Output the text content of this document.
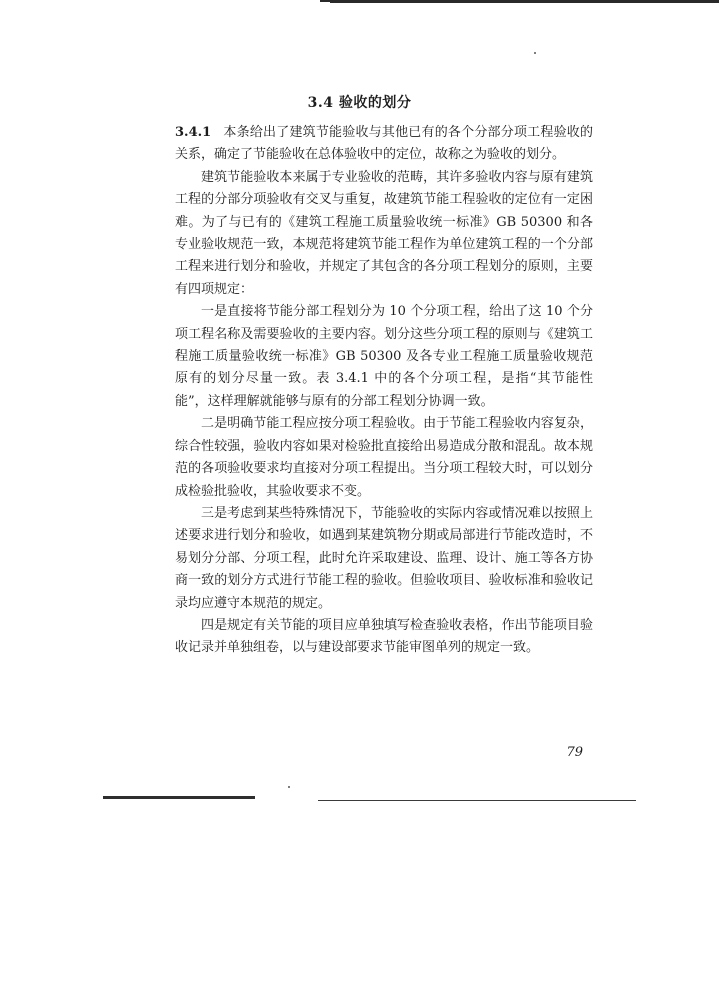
3.4 验收的划分

3.4.1 本条给出了建筑节能验收与其他已有的各个分部分项工程验收的关系，确定了节能验收在总体验收中的定位，故称之为验收的划分。

建筑节能验收本来属于专业验收的范畴，其许多验收内容与原有建筑工程的分部分项验收有交叉与重复，故建筑节能工程验收的定位有一定困难。为了与已有的《建筑工程施工质量验收统一标准》GB 50300 和各专业验收规范一致，本规范将建筑节能工程作为单位建筑工程的一个分部工程来进行划分和验收，并规定了其包含的各分项工程划分的原则，主要有四项规定：

一是直接将节能分部工程划分为 10 个分项工程，给出了这 10 个分项工程名称及需要验收的主要内容。划分这些分项工程的原则与《建筑工程施工质量验收统一标准》GB 50300 及各专业工程施工质量验收规范原有的划分尽量一致。表 3.4.1 中的各个分项工程，是指“其节能性能”，这样理解就能够与原有的分部工程划分协调一致。

二是明确节能工程应按分项工程验收。由于节能工程验收内容复杂，综合性较强，验收内容如果对检验批直接给出易造成分散和混乱。故本规范的各项验收要求均直接对分项工程提出。当分项工程较大时，可以划分成检验批验收，其验收要求不变。

三是考虑到某些特殊情况下，节能验收的实际内容或情况难以按照上述要求进行划分和验收，如遇到某建筑物分期或局部进行节能改造时，不易划分分部、分项工程，此时允许采取建设、监理、设计、施工等各方协商一致的划分方式进行节能工程的验收。但验收项目、验收标准和验收记录均应遵守本规范的规定。

四是规定有关节能的项目应单独填写检查验收表格，作出节能项目验收记录并单独组卷，以与建设部要求节能审图单列的规定一致。

79
